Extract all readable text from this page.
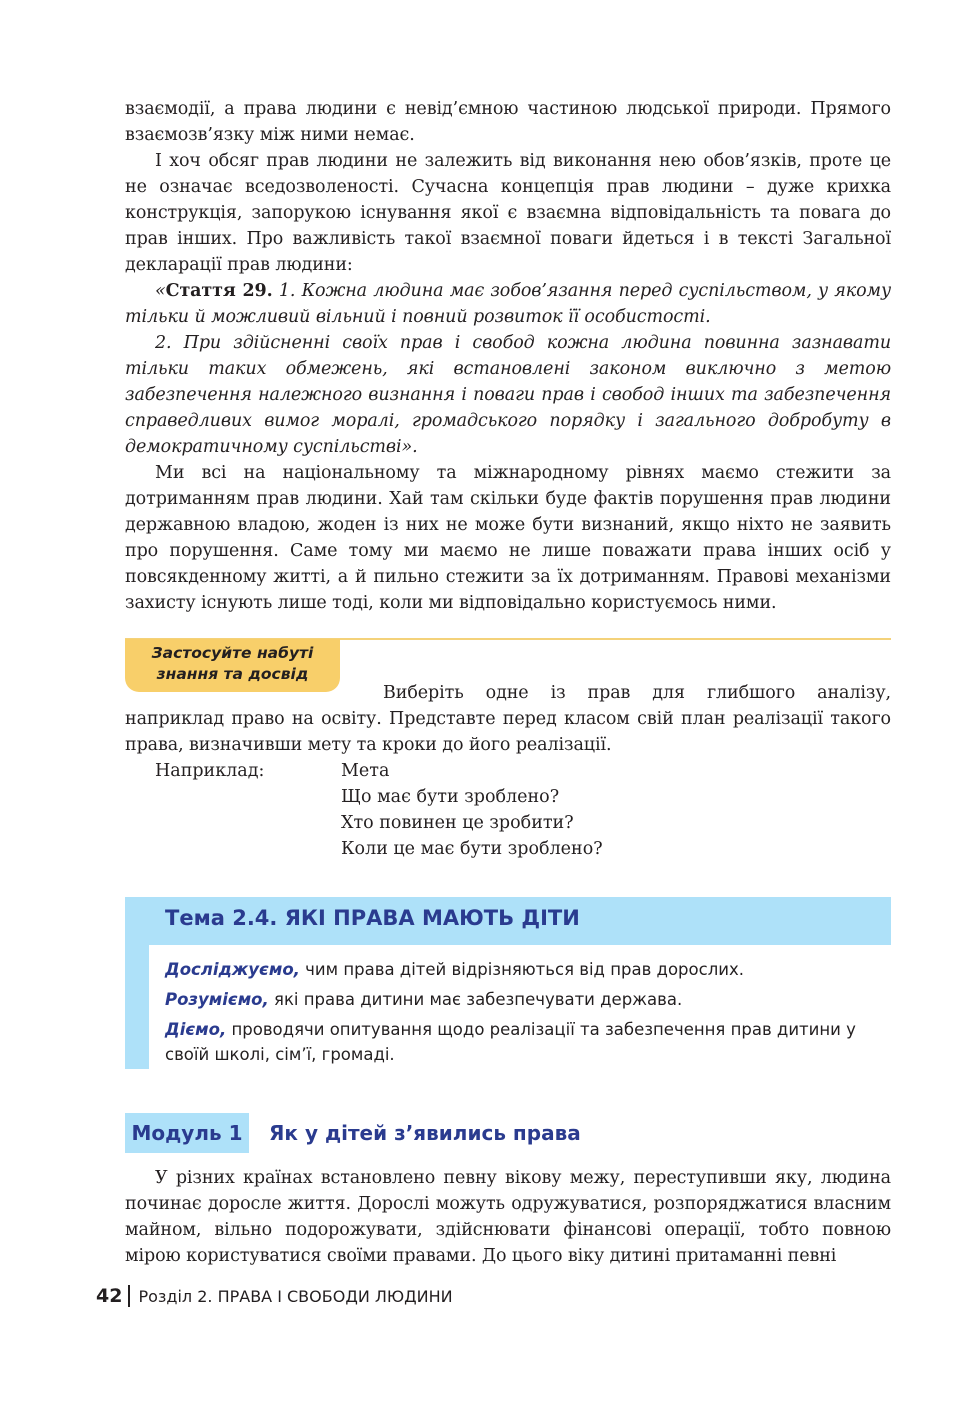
взаємодії, а права людини є невід’ємною частиною людської природи. Прямого взаємозв’язку між ними немає.

І хоч обсяг прав людини не залежить від виконання нею обов’язків, проте це не означає вседозволеності. Сучасна концепція прав людини – дуже крихка конструкція, запорукою існування якої є взаємна відповідальність та повага до прав інших. Про важливість такої взаємної поваги йдеться і в тексті Загальної декларації прав людини:

«Стаття 29. 1. Кожна людина має зобов’язання перед суспільством, у якому тільки й можливий вільний і повний розвиток її особистості.

2. При здійсненні своїх прав і свобод кожна людина повинна зазнавати тільки таких обмежень, які встановлені законом виключно з метою забезпечення належного визнання і поваги прав і свобод інших та забезпечення справедливих вимог моралі, громадського порядку і загального добробуту в демократичному суспільстві».

Ми всі на національному та міжнародному рівнях маємо стежити за дотриманням прав людини. Хай там скільки буде фактів порушення прав людини державною владою, жоден із них не може бути визнаний, якщо ніхто не заявить про порушення. Саме тому ми маємо не лише поважати права інших осіб у повсякденному житті, а й пильно стежити за їх дотриманням. Правові механізми захисту існують лише тоді, коли ми відповідально користуємось ними.

Застосуйте набуті
знання та досвід

Виберіть одне із прав для глибшого аналізу, наприклад право на освіту. Представте перед класом свій план реалізації такого права, визначивши мету та кроки до його реалізації.

Наприклад:	Мета
Що має бути зроблено?
Хто повинен це зробити?
Коли це має бути зроблено?
Тема 2.4. ЯКІ ПРАВА МАЮТЬ ДІТИ
Досліджуємо, чим права дітей відрізняються від прав дорослих.
Розуміємо, які права дитини має забезпечувати держава.
Діємо, проводячи опитування щодо реалізації та забезпечення прав дитини у своїй школі, сім’ї, громаді.
Модуль 1	Як у дітей з’явились права

У різних країнах встановлено певну вікову межу, переступивши яку, людина починає доросле життя. Дорослі можуть одружуватися, розпоряджатися власним майном, вільно подорожувати, здійснювати фінансові операції, тобто повною мірою користуватися своїми правами. До цього віку дитині притаманні певні

42 Розділ 2. ПРАВА І СВОБОДИ ЛЮДИНИ
